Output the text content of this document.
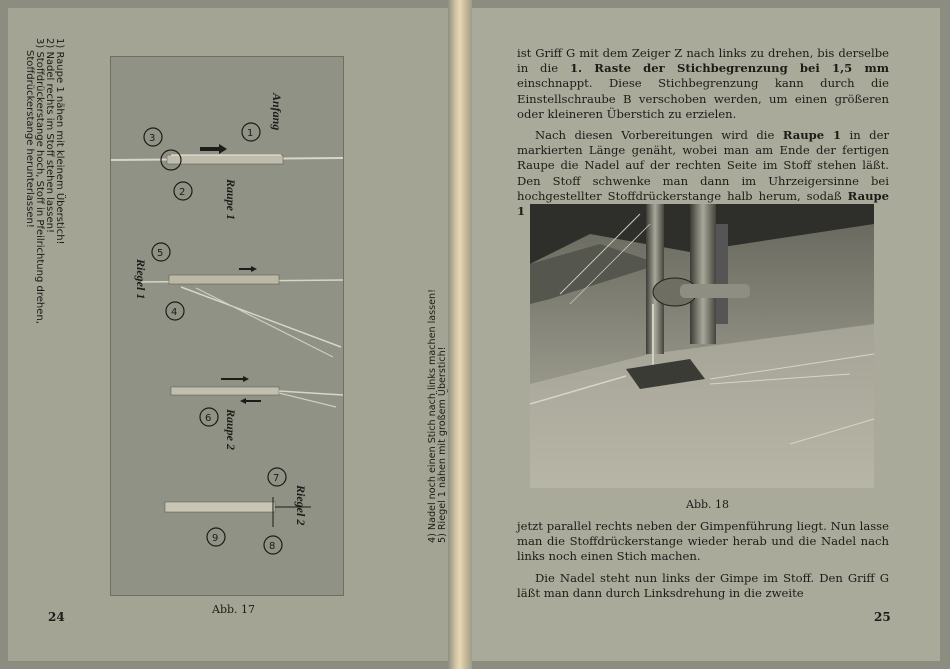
1) Raupe 1 nähen mit kleinem Überstich!
2) Nadel rechts im Stoff stehen lassen!
3) Stoffdrückerstange hoch, Stoff in Pfeilrichtung drehen,
Stoffdrückerstange herunterlassen!	1
2
3
4
5
6
7
8
9
Anfang
Raupe 1
Riegel 1
Raupe 2
Riegel 2	4) Nadel noch einen Stich nach links machen lassen! 5) Riegel 1 nähen mit großem Überstich!
Abb. 17
24

ist Griff G mit dem Zeiger Z nach links zu drehen, bis derselbe in die 1. Raste der Stichbegrenzung bei 1,5 mm einschnappt. Diese Stichbegrenzung kann durch die Einstellschraube B verschoben werden, um einen größeren oder kleineren Überstich zu erzielen.

Nach diesen Vorbereitungen wird die Raupe 1 in der markierten Länge genäht, wobei man am Ende der fertigen Raupe die Nadel auf der rechten Seite im Stoff stehen läßt. Den Stoff schwenke man dann im Uhrzeigersinne bei hochgestellter Stoffdrückerstange halb herum, sodaß Raupe 1

Abb. 18

jetzt parallel rechts neben der Gimpenführung liegt. Nun lasse man die Stoffdrückerstange wieder herab und die Nadel nach links noch einen Stich machen.

Die Nadel steht nun links der Gimpe im Stoff. Den Griff G läßt man dann durch Linksdrehung in die zweite

25
